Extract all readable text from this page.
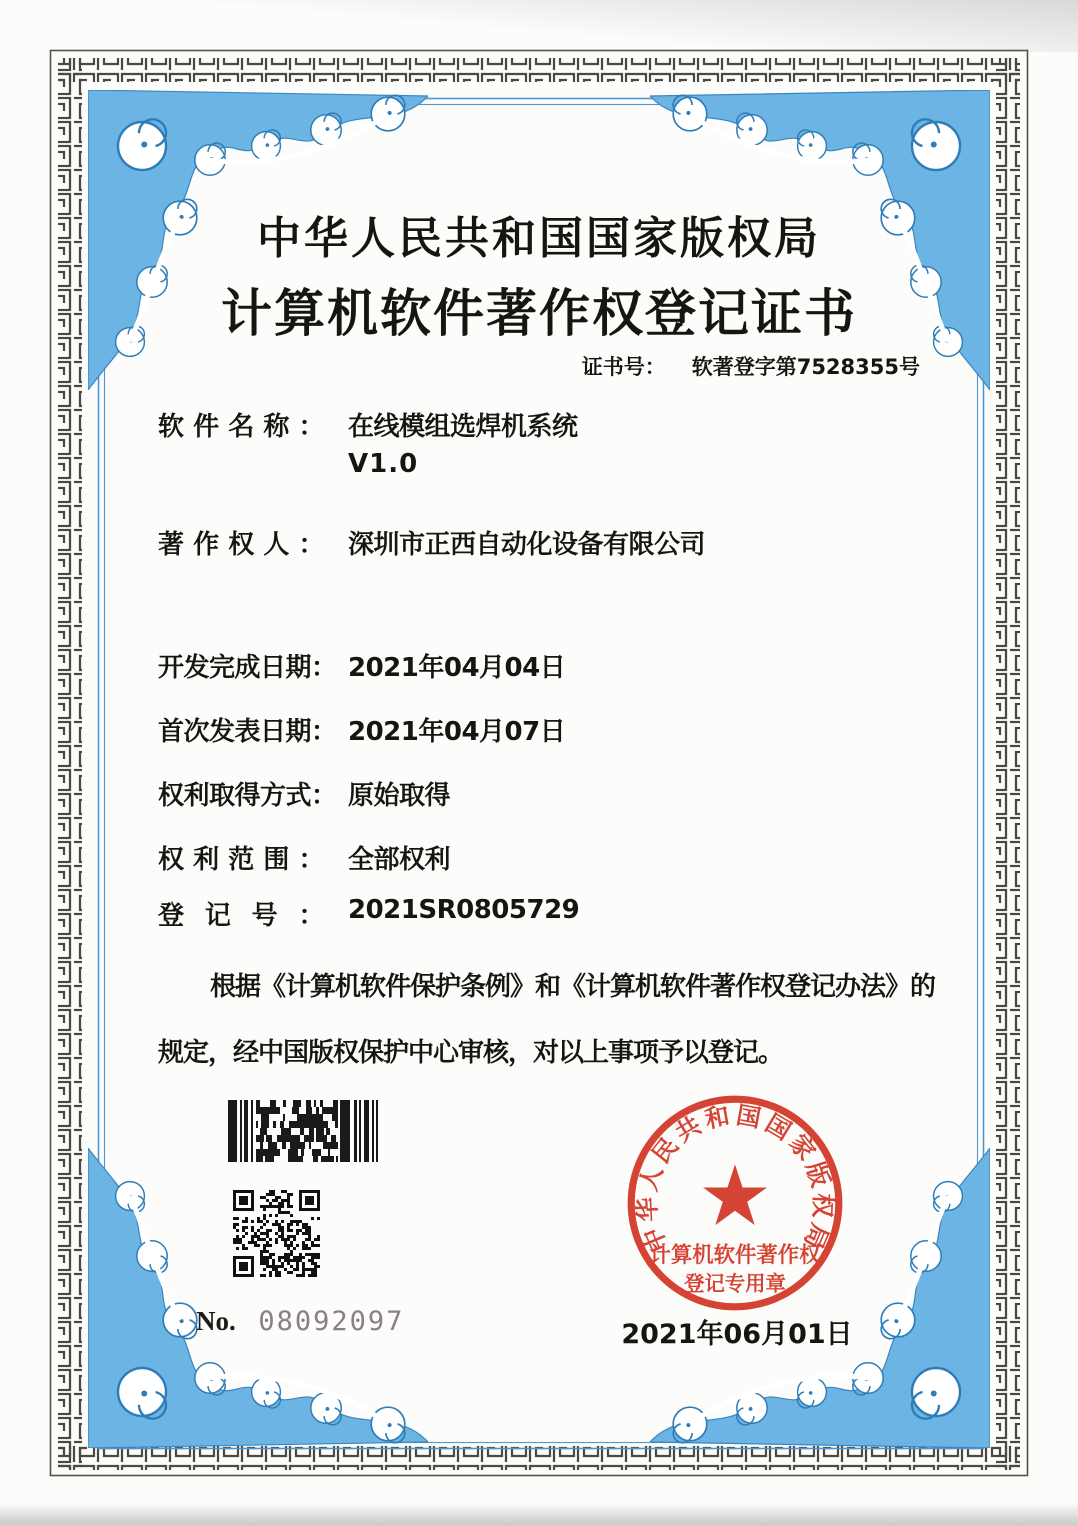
中华人民共和国国家版权局
计算机软件著作权登记证书
证书号： 软著登字第7528355号
软件名称： 在线模组选焊机系统
V1.0
著作权人： 深圳市正西自动化设备有限公司
开发完成日期： 2021年04月04日
首次发表日期： 2021年04月07日
权利取得方式： 原始取得
权利范围： 全部权利
登记号： 2021SR0805729
根据《计算机软件保护条例》和《计算机软件著作权登记办法》的
规定，经中国版权保护中心审核，对以上事项予以登记。
No. 08092097
中华人民共和国国家版权局
计算机软件著作权
登记专用章
2021年06月01日
